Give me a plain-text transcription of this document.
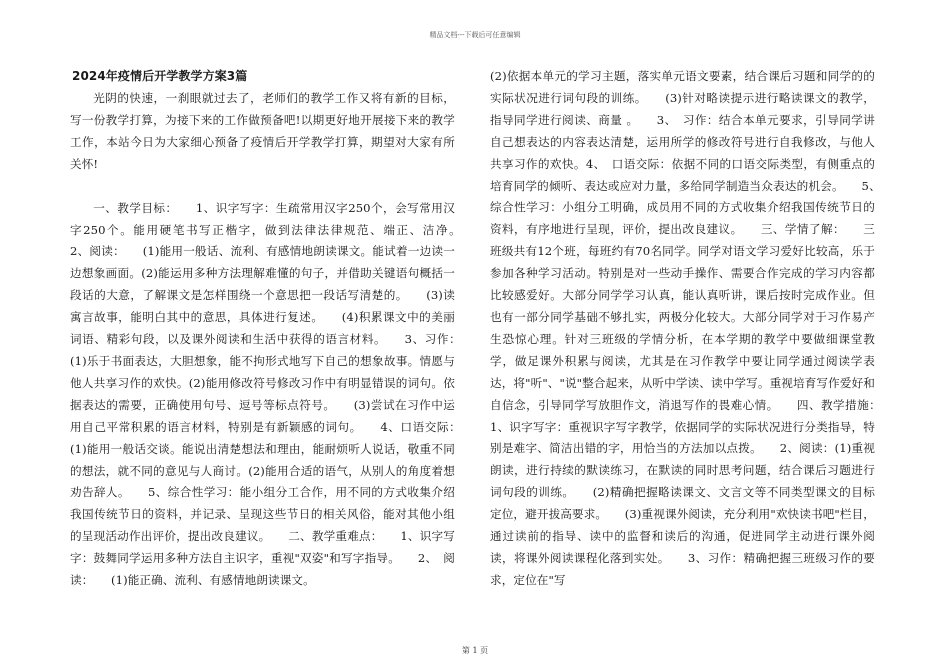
精品文档---下载后可任意编辑
2024年疫情后开学教学方案3篇

光阴的快速，一刹眼就过去了，老师们的教学工作又将有新的目标，写一份教学打算，为接下来的工作做预备吧!以期更好地开展接下来的教学工作，本站今日为大家细心预备了疫情后开学教学打算，期望对大家有所关怀!

一、教学目标：　　1、识字写字：生疏常用汉字250个，会写常用汉字250个。能用硬笔书写正楷字，做到法律法律规范、端正、洁净。　　2、阅读：　　(1)能用一般话、流利、有感情地朗读课文。能试着一边读一边想象画面。(2)能运用多种方法理解难懂的句子，并借助关键语句概括一段话的大意，了解课文是怎样围绕一个意思把一段话写清楚的。　　(3)读寓言故事，能明白其中的意思，具体进行复述。　　(4)积累课文中的美丽 词语、精彩句段，以及课外阅读和生活中获得的语言材料。　　3、习作：　　(1)乐于书面表达，大胆想象，能不拘形式地写下自己的想象故事。情愿与他人共享习作的欢快。(2)能用修改符号修改习作中有明显错误的词句。依据表达的需要，正确使用句号、逗号等标点符号。　　(3)尝试在习作中运用自己平常积累的语言材料，特别是有新颖感的词句。　　4、口语交际：　　(1)能用一般话交谈。能说出清楚想法和理由，能耐烦听人说话，敬重不同的想法，就不同的意见与人商讨。(2)能用合适的语气，从别人的角度着想劝告辞人。　　5、综合性学习：能小组分工合作，用不同的方式收集介绍我国传统节日的资料，并记录、呈现这些节日的相关风俗，能对其他小组的呈现活动作出评价，提出改良建议。　　二、教学重难点：　　1、识字写字：鼓舞同学运用多种方法自主识字，重视"双姿"和写字指导。　　2、　阅读：　　(1)能正确、流利、有感情地朗读课文。

(2)依据本单元的学习主题，落实单元语文要素，结合课后习题和同学的的实际状况进行词句段的训练。　　(3)针对略读提示进行略读课文的教学，指导同学进行阅读、商量 。　　3、　习作：结合本单元要求，引导同学讲自己想表达的内容表达清楚，运用所学的修改符号进行自我修改，与他人共享习作的欢快。4、　口语交际：依据不同的口语交际类型，有侧重点的培育同学的倾听、表达或应对力量，多给同学制造当众表达的机会。　　5、　综合性学习：小组分工明确，成员用不同的方式收集介绍我国传统节日的资料，有序地进行呈现，评价，提出改良建议。　　三、学情了解：　　三班级共有12个班，每班约有70名同学。同学对语文学习爱好比较高，乐于参加各种学习活动。特别是对一些动手操作、需要合作完成的学习内容都比较感爱好。大部分同学学习认真，能认真听讲，课后按时完成作业。但也有一部分同学基础不够扎实，两极分化较大。大部分同学对于习作易产生恐惊心理。针对三班级的学情分析，在本学期的教学中要做细课堂教学，做足课外积累与阅读，尤其是在习作教学中要让同学通过阅读学表达，将"听"、"说"整合起来，从听中学读、读中学写。重视培育写作爱好和自信念，引导同学写放胆作文，消退写作的畏难心情。　　四、教学措施：　　1、识字写字：重视识字写字教学，依据同学的实际状况进行分类指导，特别是难字、简洁出错的字，用恰当的方法加以点拨。　　2、阅读：(1)重视朗读，进行持续的默读练习，在默读的同时思考问题，结合课后习题进行词句段的训练。　　(2)精确把握略读课文、文言文等不同类型课文的目标定位，避开拔高要求。　　(3)重视课外阅读，充分利用"欢快读书吧"栏目，通过读前的指导、读中的监督和读后的沟通，促进同学主动进行课外阅读，将课外阅读课程化落到实处。　　3、习作：精确把握三班级习作的要求，定位在"写

第 1 页
